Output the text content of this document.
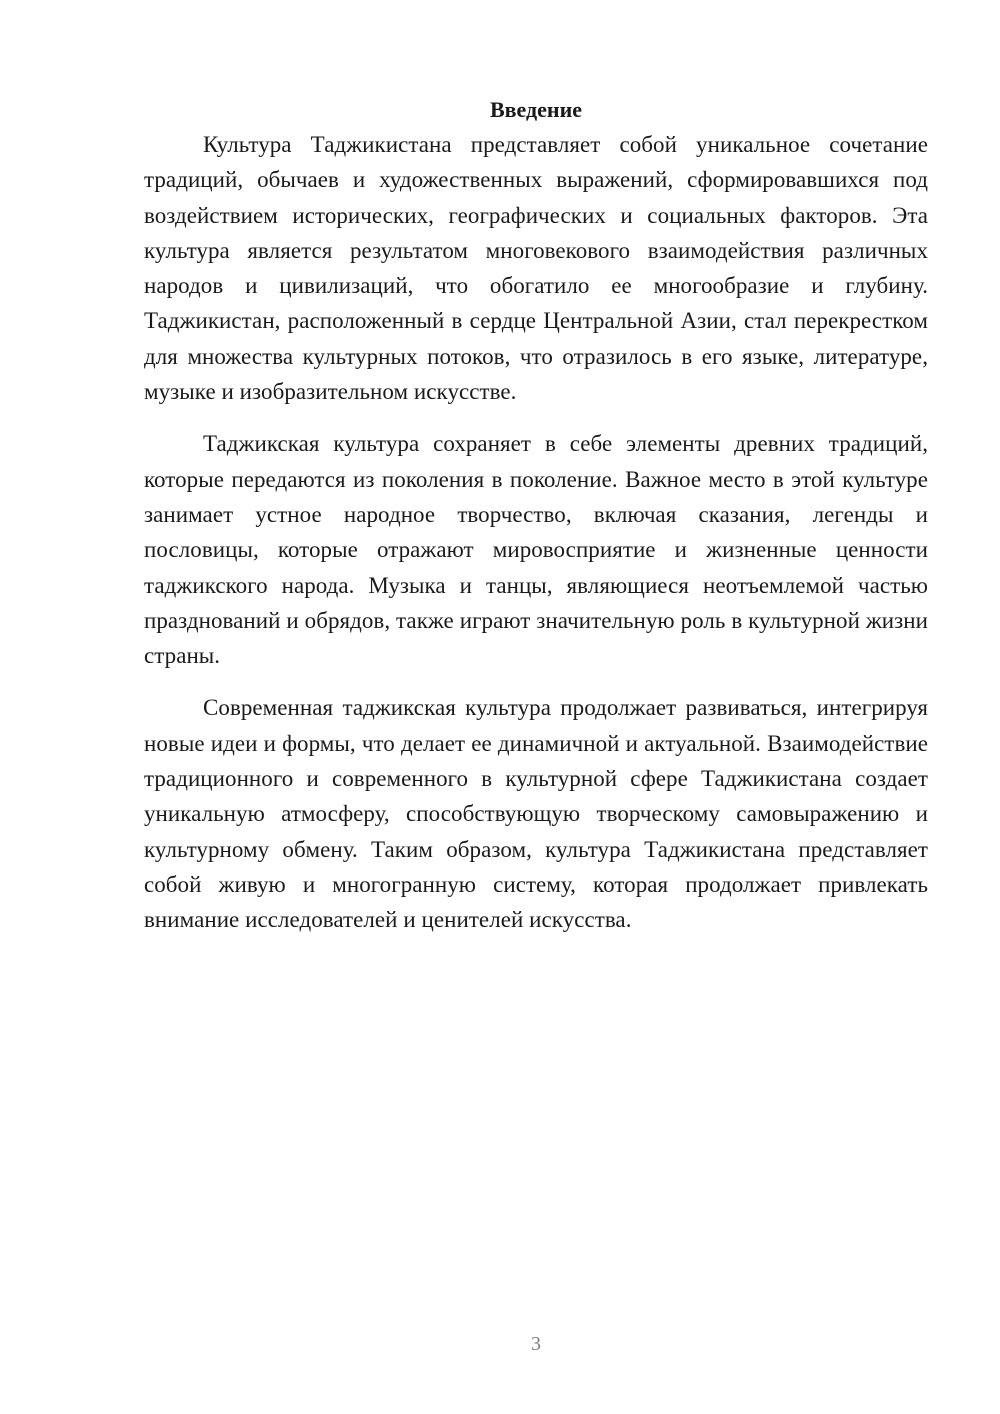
Введение

Культура Таджикистана представляет собой уникальное сочетание традиций, обычаев и художественных выражений, сформировавшихся под воздействием исторических, географических и социальных факторов. Эта культура является результатом многовекового взаимодействия различных народов и цивилизаций, что обогатило ее многообразие и глубину. Таджикистан, расположенный в сердце Центральной Азии, стал перекрестком для множества культурных потоков, что отразилось в его языке, литературе, музыке и изобразительном искусстве.

Таджикская культура сохраняет в себе элементы древних традиций, которые передаются из поколения в поколение. Важное место в этой культуре занимает устное народное творчество, включая сказания, легенды и пословицы, которые отражают мировосприятие и жизненные ценности таджикского народа. Музыка и танцы, являющиеся неотъемлемой частью празднований и обрядов, также играют значительную роль в культурной жизни страны.

Современная таджикская культура продолжает развиваться, интегрируя новые идеи и формы, что делает ее динамичной и актуальной. Взаимодействие традиционного и современного в культурной сфере Таджикистана создает уникальную атмосферу, способствующую творческому самовыражению и культурному обмену. Таким образом, культура Таджикистана представляет собой живую и многогранную систему, которая продолжает привлекать внимание исследователей и ценителей искусства.

3
